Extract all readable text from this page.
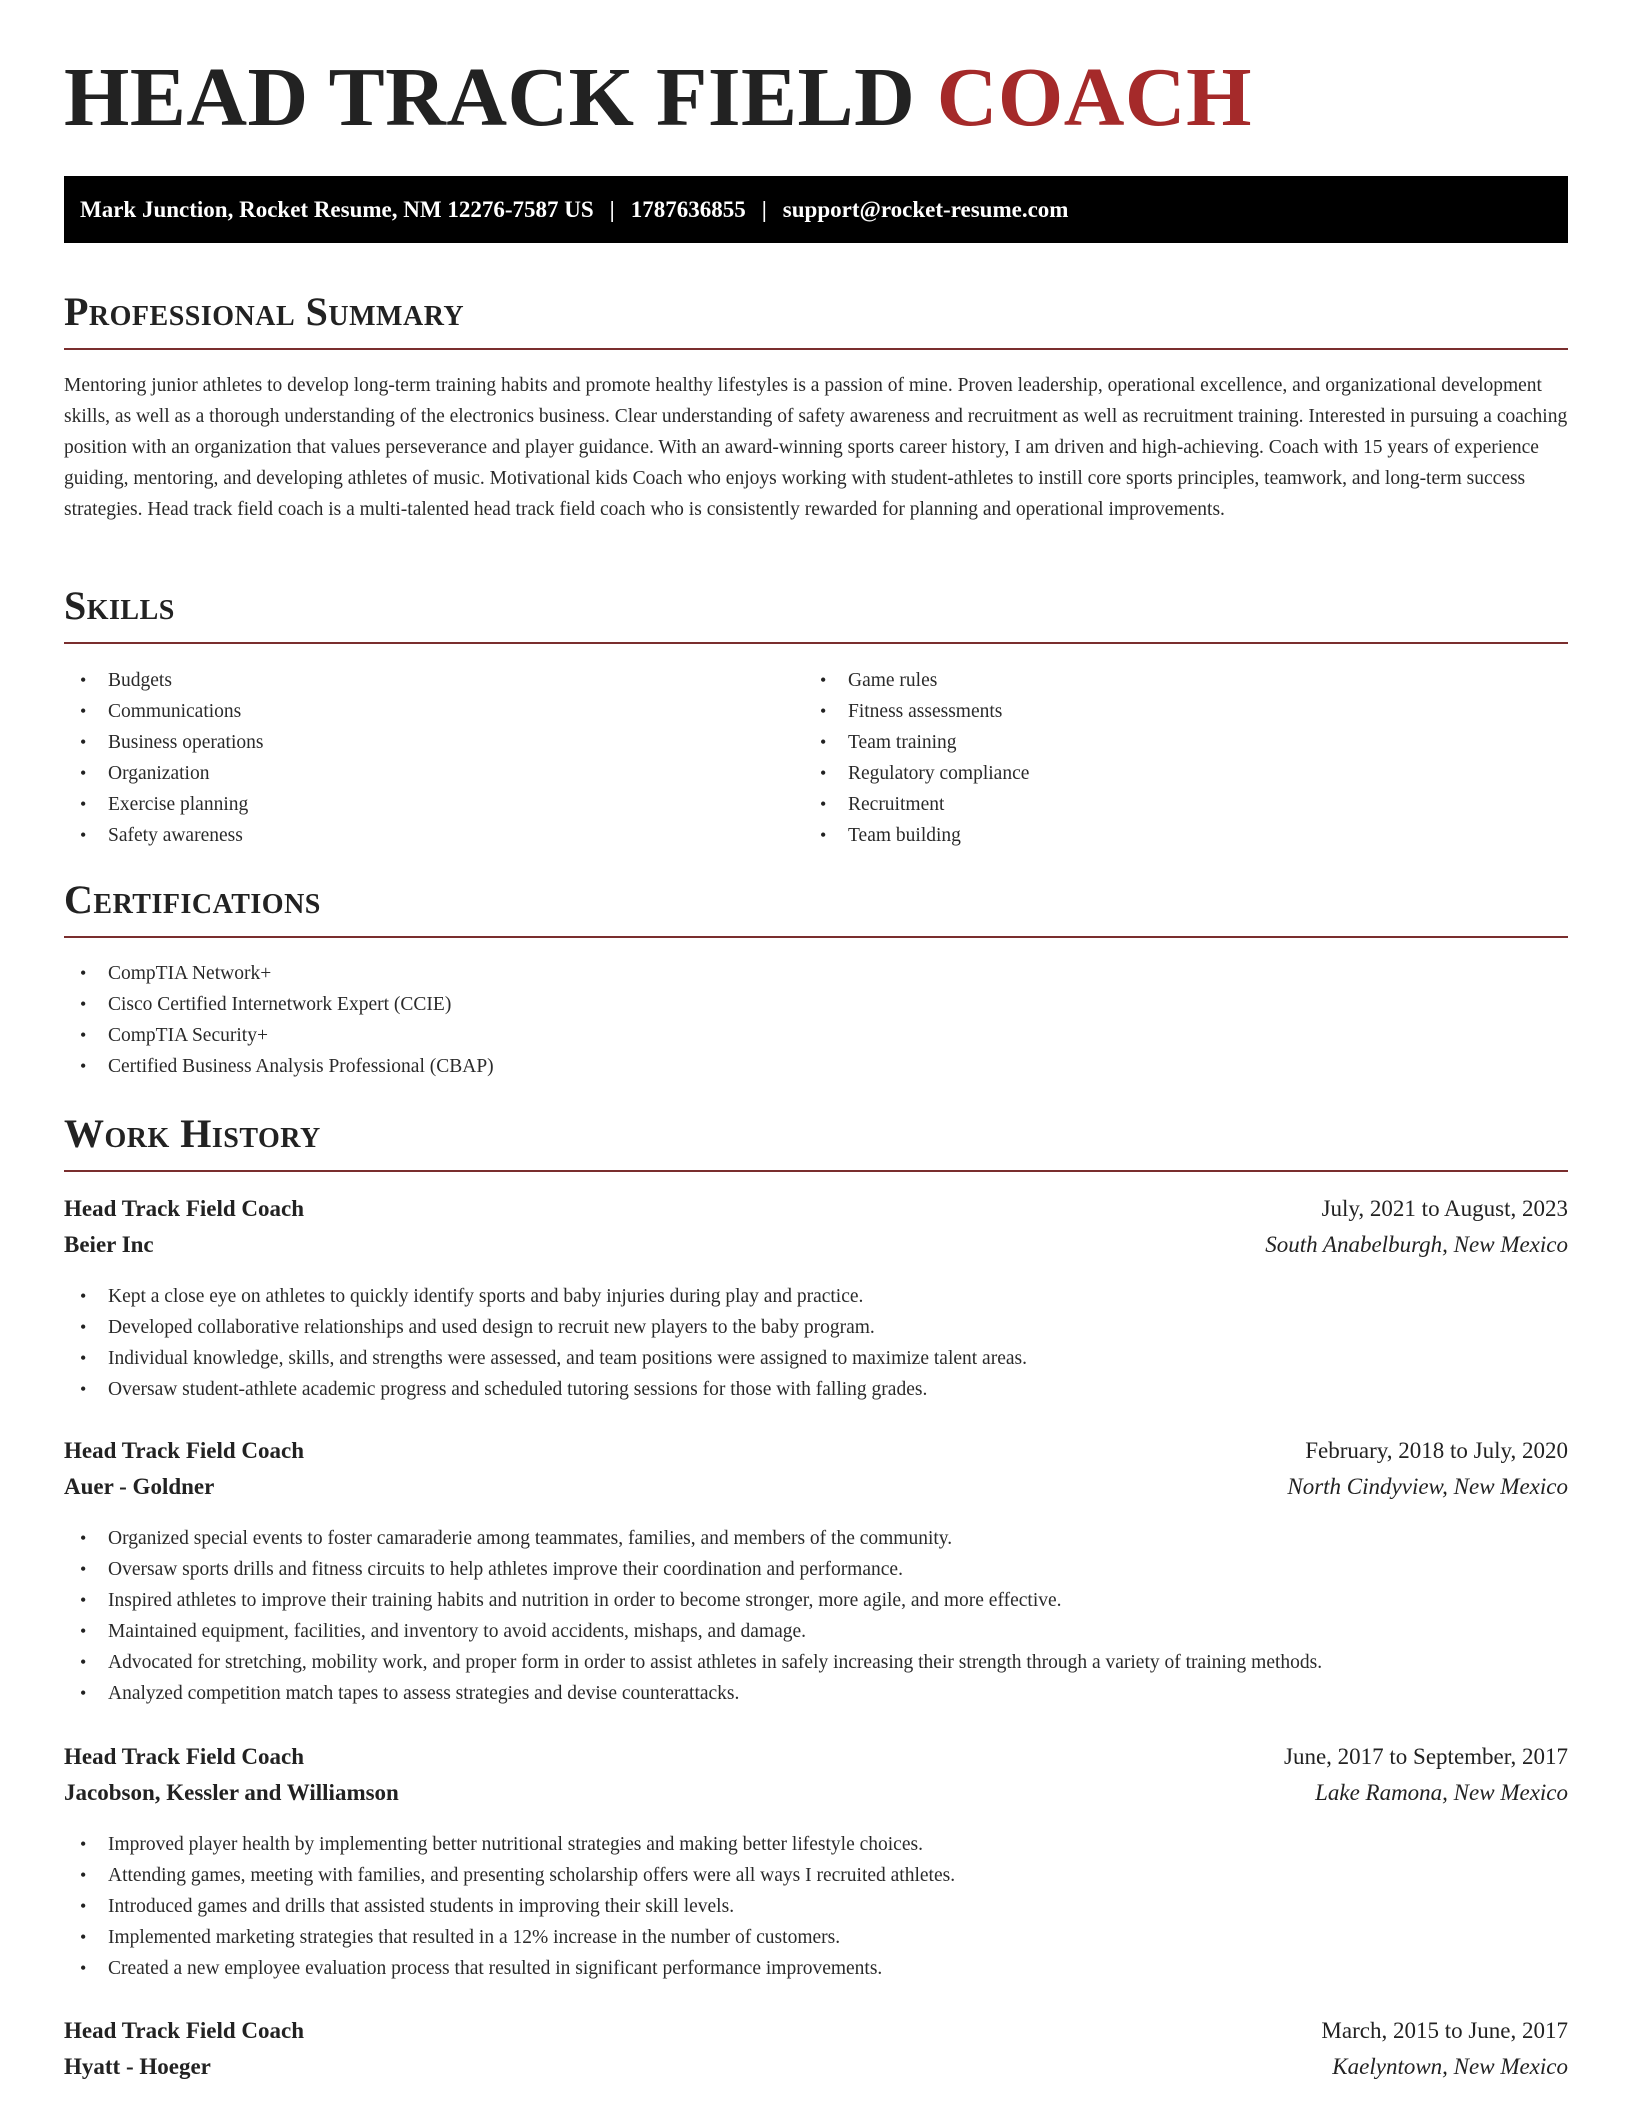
HEAD TRACK FIELD COACH
Mark Junction, Rocket Resume, NM 12276-7587 US | 1787636855 | support@rocket-resume.com
Professional Summary

Mentoring junior athletes to develop long-term training habits and promote healthy lifestyles is a passion of mine. Proven leadership, operational excellence, and organizational development skills, as well as a thorough understanding of the electronics business. Clear understanding of safety awareness and recruitment as well as recruitment training. Interested in pursuing a coaching position with an organization that values perseverance and player guidance. With an award-winning sports career history, I am driven and high-achieving. Coach with 15 years of experience guiding, mentoring, and developing athletes of music. Motivational kids Coach who enjoys working with student-athletes to instill core sports principles, teamwork, and long-term success strategies. Head track field coach is a multi-talented head track field coach who is consistently rewarded for planning and operational improvements.

Skills
• Budgets
• Communications
• Business operations
• Organization
• Exercise planning
• Safety awareness
• Game rules
• Fitness assessments
• Team training
• Regulatory compliance
• Recruitment
• Team building
Certifications
• CompTIA Network+
• Cisco Certified Internetwork Expert (CCIE)
• CompTIA Security+
• Certified Business Analysis Professional (CBAP)
Work History
Head Track Field Coach	July, 2021 to August, 2023
Beier Inc	South Anabelburgh, New Mexico
• Kept a close eye on athletes to quickly identify sports and baby injuries during play and practice.
• Developed collaborative relationships and used design to recruit new players to the baby program.
• Individual knowledge, skills, and strengths were assessed, and team positions were assigned to maximize talent areas.
• Oversaw student-athlete academic progress and scheduled tutoring sessions for those with falling grades.
Head Track Field Coach	February, 2018 to July, 2020
Auer - Goldner	North Cindyview, New Mexico
• Organized special events to foster camaraderie among teammates, families, and members of the community.
• Oversaw sports drills and fitness circuits to help athletes improve their coordination and performance.
• Inspired athletes to improve their training habits and nutrition in order to become stronger, more agile, and more effective.
• Maintained equipment, facilities, and inventory to avoid accidents, mishaps, and damage.
• Advocated for stretching, mobility work, and proper form in order to assist athletes in safely increasing their strength through a variety of training methods.
• Analyzed competition match tapes to assess strategies and devise counterattacks.
Head Track Field Coach	June, 2017 to September, 2017
Jacobson, Kessler and Williamson	Lake Ramona, New Mexico
• Improved player health by implementing better nutritional strategies and making better lifestyle choices.
• Attending games, meeting with families, and presenting scholarship offers were all ways I recruited athletes.
• Introduced games and drills that assisted students in improving their skill levels.
• Implemented marketing strategies that resulted in a 12% increase in the number of customers.
• Created a new employee evaluation process that resulted in significant performance improvements.
Head Track Field Coach	March, 2015 to June, 2017
Hyatt - Hoeger	Kaelyntown, New Mexico
